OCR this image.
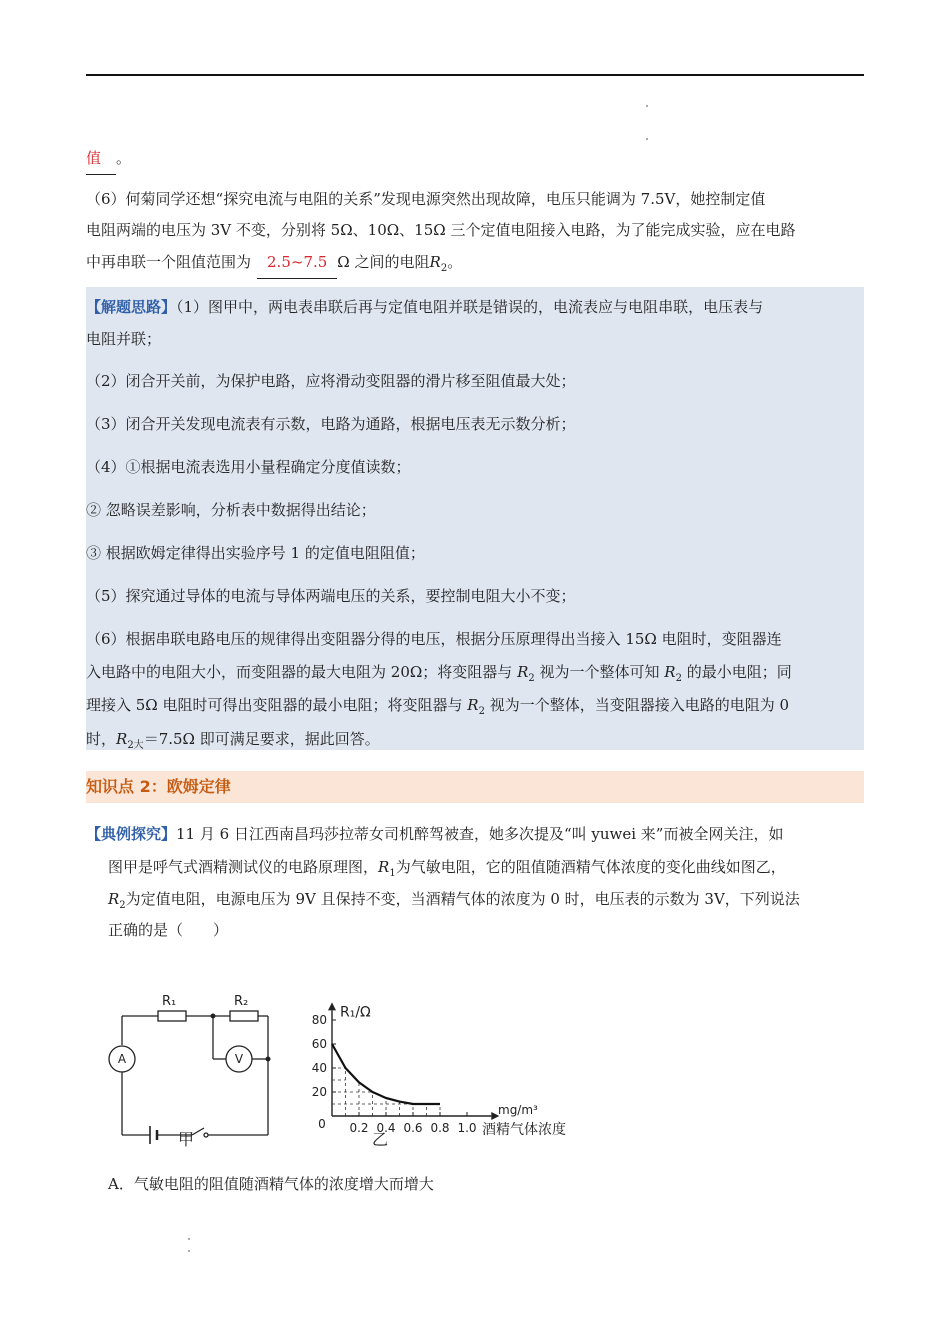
值 。

（6）何菊同学还想“探究电流与电阻的关系”发现电源突然出现故障，电压只能调为 7.5V，她控制定值

电阻两端的电压为 3V 不变，分别将 5Ω、10Ω、15Ω 三个定值电阻接入电路，为了能完成实验，应在电路

中再串联一个阻值范围为 2.5~7.5 Ω 之间的电阻$R_2$。

【解题思路】（1）图甲中，两电表串联后再与定值电阻并联是错误的，电流表应与电阻串联，电压表与

电阻并联；

（2）闭合开关前，为保护电路，应将滑动变阻器的滑片移至阻值最大处；

（3）闭合开关发现电流表有示数，电路为通路，根据电压表无示数分析；

（4）①根据电流表选用小量程确定分度值读数；

② 忽略误差影响，分析表中数据得出结论；

③ 根据欧姆定律得出实验序号 1 的定值电阻阻值；

（5）探究通过导体的电流与导体两端电压的关系，要控制电阻大小不变；

（6）根据串联电路电压的规律得出变阻器分得的电压，根据分压原理得出当接入 15Ω 电阻时，变阻器连

入电路中的电阻大小，而变阻器的最大电阻为 20Ω；将变阻器与 $R_2$ 视为一个整体可知 $R_2$ 的最小电阻；同

理接入 5Ω 电阻时可得出变阻器的最小电阻；将变阻器与 $R_2$ 视为一个整体，当变阻器接入电路的电阻为 0

时，$R_{2大}=7.5\Omega$ 即可满足要求，据此回答。

知识点 2：欧姆定律

【典例探究】11 月 6 日江西南昌玛莎拉蒂女司机醉驾被查，她多次提及“叫 yuwei 来”而被全网关注，如

图甲是呼气式酒精测试仪的电路原理图，$R_1$为气敏电阻，它的阻值随酒精气体浓度的变化曲线如图乙，

$R_2$为定值电阻，电源电压为 9V 且保持不变，当酒精气体的浓度为 0 时，电压表的示数为 3V，下列说法

正确的是（　　）

R₁	R₂
A	V
0.2 0.4 0.6 0.8 1.0
20
40
60
80
0
R₁/Ω
mg/m³
酒精气体浓度
甲	乙

A．气敏电阻的阻值随酒精气体的浓度增大而增大
